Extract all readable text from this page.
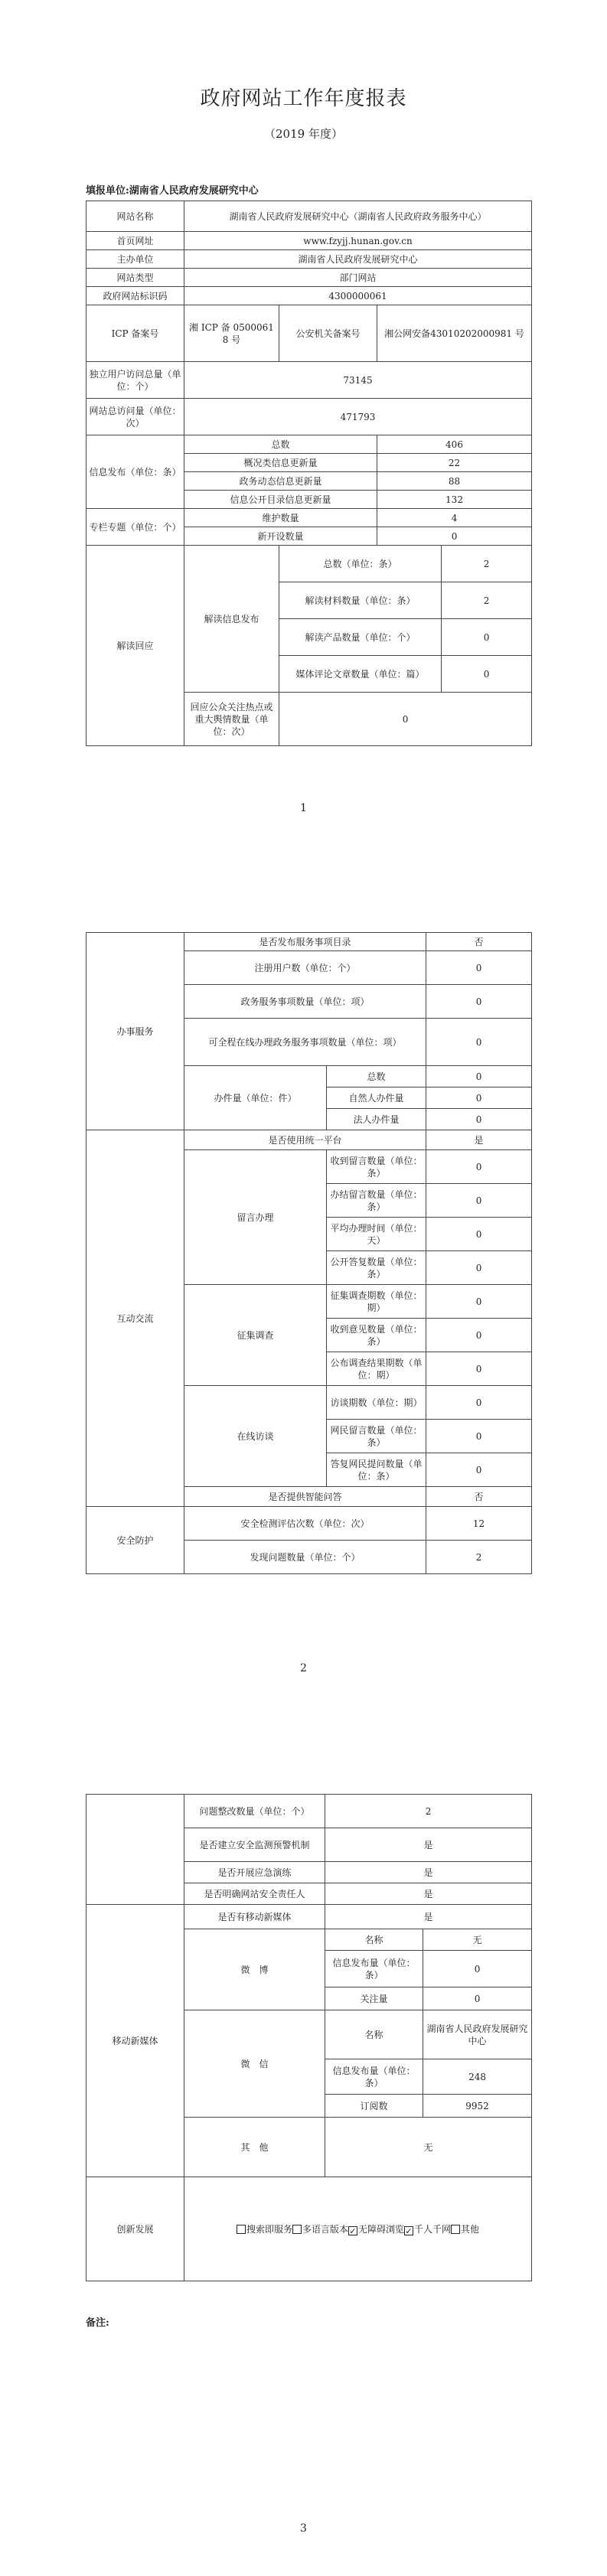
政府网站工作年度报表
（2019 年度）
填报单位:湖南省人民政府发展研究中心
网站名称	湖南省人民政府发展研究中心（湖南省人民政府政务服务中心）			
首页网址	www.fzyjj.hunan.gov.cn			
主办单位	湖南省人民政府发展研究中心			
网站类型	部门网站			
政府网站标识码	4300000061			
ICP 备案号	湘 ICP 备 05000618 号	公安机关备案号	湘公网安备43010202000981 号	
独立用户访问总量（单位：个）	73145			
网站总访问量（单位：次）	471793			
信息发布（单位：条）	总数		406	
	概况类信息更新量		22	
	政务动态信息更新量		88	
	信息公开目录信息更新量		132	
专栏专题（单位：个）	维护数量		4	
	新开设数量		0	
解读回应	解读信息发布	总数（单位：条）		2
		解读材料数量（单位：条）		2
		解读产品数量（单位：个）		0
		媒体评论文章数量（单位：篇）		0
	回应公众关注热点或重大舆情数量（单位：次）	0		
1
办事服务	是否发布服务事项目录		否
	注册用户数（单位：个）		0
	政务服务事项数量（单位：项）		0
	可全程在线办理政务服务事项数量（单位：项）		0
	办件量（单位：件）	总数	0
		自然人办件量	0
		法人办件量	0
互动交流	是否使用统一平台		是
	留言办理	收到留言数量（单位：条）	0
		办结留言数量（单位：条）	0
		平均办理时间（单位：天）	0
		公开答复数量（单位：条）	0
	征集调查	征集调查期数（单位：期）	0
		收到意见数量（单位：条）	0
		公布调查结果期数（单位：期）	0
	在线访谈	访谈期数（单位：期）	0
		网民留言数量（单位：条）	0
		答复网民提问数量（单位：条）	0
	是否提供智能问答		否
安全防护	安全检测评估次数（单位：次）		12
	发现问题数量（单位：个）		2
2
	问题整改数量（单位：个）	2	
	是否建立安全监测预警机制	是	
	是否开展应急演练	是	
	是否明确网站安全责任人	是	
移动新媒体	是否有移动新媒体	是	
	微　博	名称	无
		信息发布量（单位：条）	0
		关注量	0
	微　信	名称	湖南省人民政府发展研究中心
		信息发布量（单位：条）	248
		订阅数	9952
	其　他	无	
创新发展	搜索即服务 多语言版本✓ 无障碍浏览✓ 千人千网 其他		
备注:
3
